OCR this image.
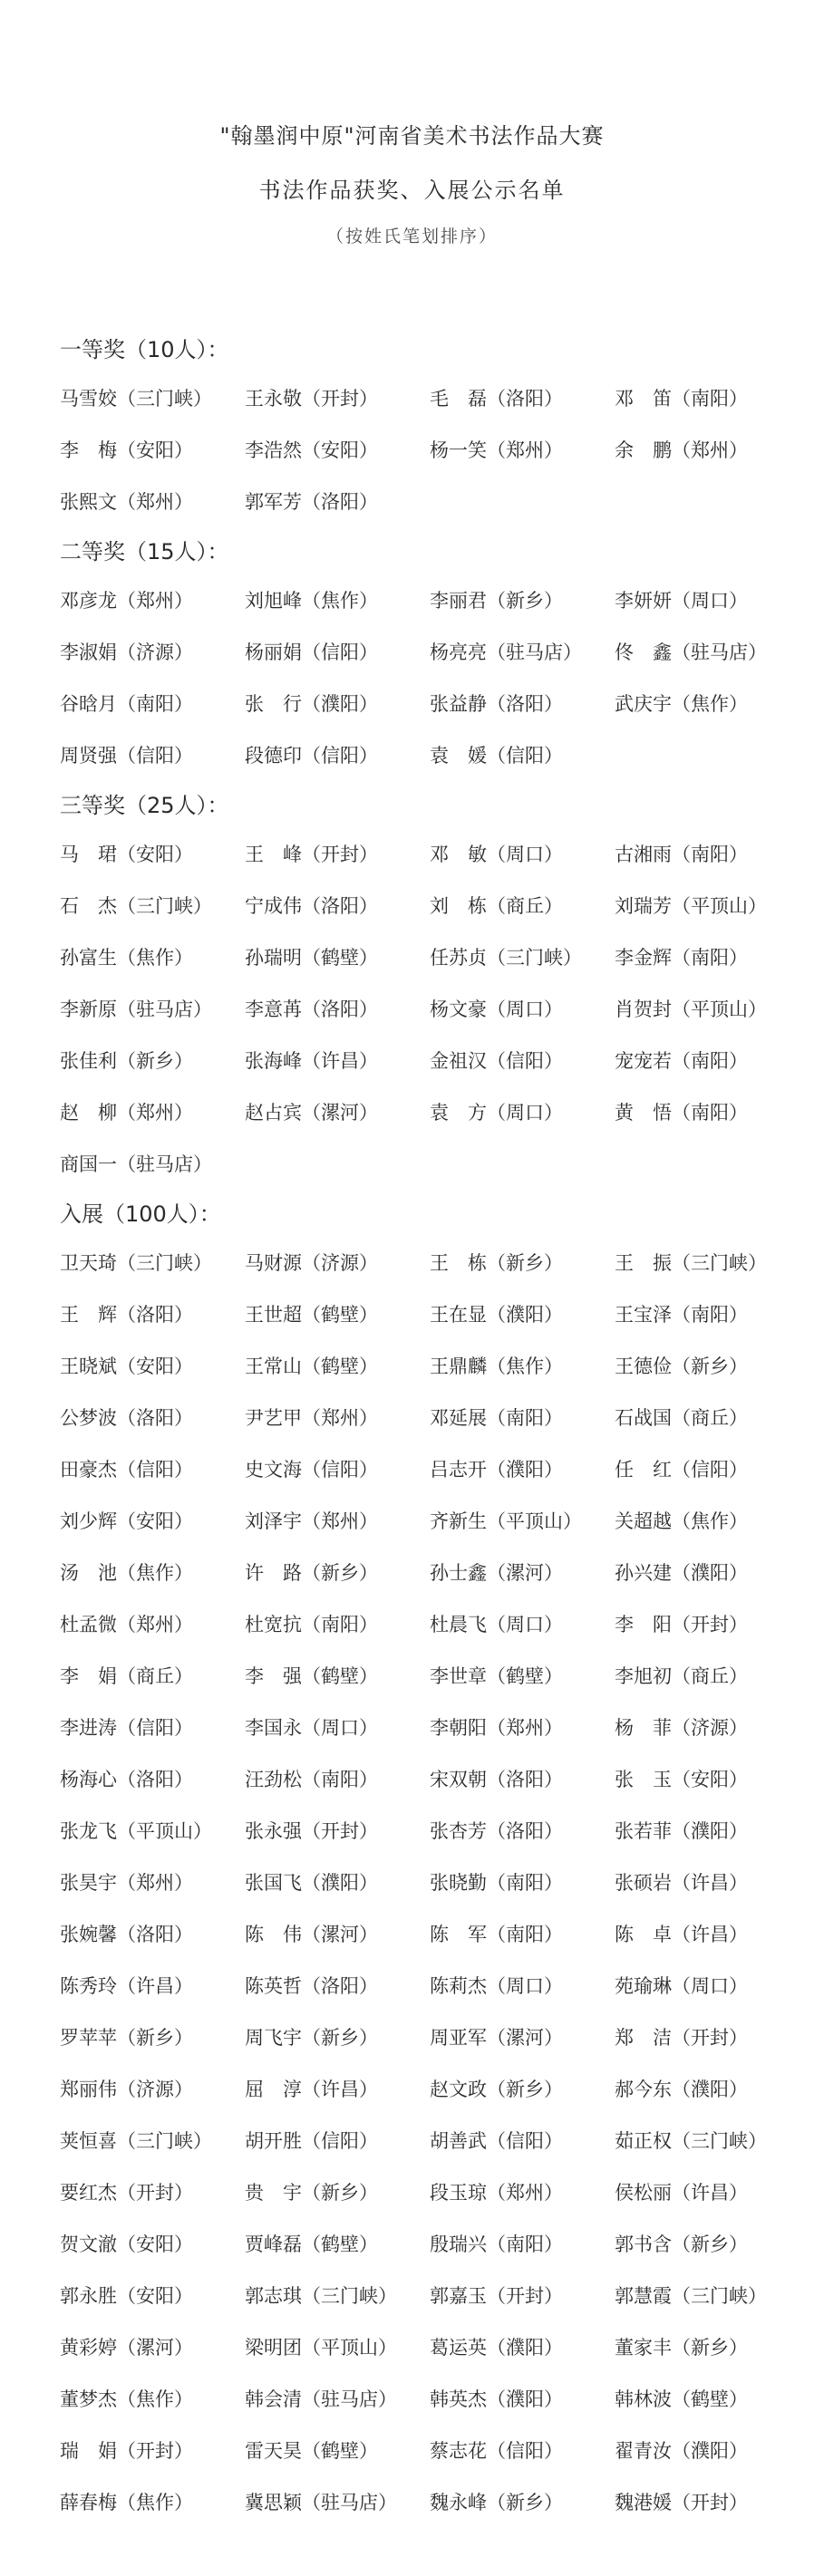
"翰墨润中原"河南省美术书法作品大赛
书法作品获奖、入展公示名单
（按姓氏笔划排序）
一等奖（10人）：
马雪姣（三门峡）	王永敬（开封）	毛　磊（洛阳）	邓　笛（南阳）
李　梅（安阳）	李浩然（安阳）	杨一笑（郑州）	余　鹏（郑州）
张熙文（郑州）	郭军芳（洛阳）
二等奖（15人）：
邓彦龙（郑州）	刘旭峰（焦作）	李丽君（新乡）	李妍妍（周口）
李淑娟（济源）	杨丽娟（信阳）	杨亮亮（驻马店）	佟　鑫（驻马店）
谷晗月（南阳）	张　行（濮阳）	张益静（洛阳）	武庆宇（焦作）
周贤强（信阳）	段德印（信阳）	袁　媛（信阳）
三等奖（25人）：
马　珺（安阳）	王　峰（开封）	邓　敏（周口）	古湘雨（南阳）
石　杰（三门峡）	宁成伟（洛阳）	刘　栋（商丘）	刘瑞芳（平顶山）
孙富生（焦作）	孙瑞明（鹤壁）	任苏贞（三门峡）	李金辉（南阳）
李新原（驻马店）	李意苒（洛阳）	杨文豪（周口）	肖贺封（平顶山）
张佳利（新乡）	张海峰（许昌）	金祖汉（信阳）	宠宠若（南阳）
赵　柳（郑州）	赵占宾（漯河）	袁　方（周口）	黄　悟（南阳）
商国一（驻马店）
入展（100人）：
卫天琦（三门峡）	马财源（济源）	王　栋（新乡）	王　振（三门峡）
王　辉（洛阳）	王世超（鹤壁）	王在显（濮阳）	王宝泽（南阳）
王晓斌（安阳）	王常山（鹤壁）	王鼎麟（焦作）	王德俭（新乡）
公梦波（洛阳）	尹艺甲（郑州）	邓延展（南阳）	石战国（商丘）
田豪杰（信阳）	史文海（信阳）	吕志开（濮阳）	任　红（信阳）
刘少辉（安阳）	刘泽宇（郑州）	齐新生（平顶山）	关超越（焦作）
汤　池（焦作）	许　路（新乡）	孙士鑫（漯河）	孙兴建（濮阳）
杜孟微（郑州）	杜宽抗（南阳）	杜晨飞（周口）	李　阳（开封）
李　娟（商丘）	李　强（鹤壁）	李世章（鹤壁）	李旭初（商丘）
李进涛（信阳）	李国永（周口）	李朝阳（郑州）	杨　菲（济源）
杨海心（洛阳）	汪劲松（南阳）	宋双朝（洛阳）	张　玉（安阳）
张龙飞（平顶山）	张永强（开封）	张杏芳（洛阳）	张若菲（濮阳）
张昊宇（郑州）	张国飞（濮阳）	张晓勤（南阳）	张硕岩（许昌）
张婉馨（洛阳）	陈　伟（漯河）	陈　军（南阳）	陈　卓（许昌）
陈秀玲（许昌）	陈英哲（洛阳）	陈莉杰（周口）	苑瑜琳（周口）
罗苹苹（新乡）	周飞宇（新乡）	周亚军（漯河）	郑　洁（开封）
郑丽伟（济源）	屈　淳（许昌）	赵文政（新乡）	郝今东（濮阳）
荚恒喜（三门峡）	胡开胜（信阳）	胡善武（信阳）	茹正权（三门峡）
要红杰（开封）	贵　宇（新乡）	段玉琼（郑州）	侯松丽（许昌）
贺文澈（安阳）	贾峰磊（鹤壁）	殷瑞兴（南阳）	郭书含（新乡）
郭永胜（安阳）	郭志琪（三门峡）	郭嘉玉（开封）	郭慧霞（三门峡）
黄彩婷（漯河）	梁明团（平顶山）	葛运英（濮阳）	董家丰（新乡）
董梦杰（焦作）	韩会清（驻马店）	韩英杰（濮阳）	韩林波（鹤壁）
瑞　娟（开封）	雷天昊（鹤壁）	蔡志花（信阳）	翟青汝（濮阳）
薛春梅（焦作）	冀思颖（驻马店）	魏永峰（新乡）	魏港媛（开封）
